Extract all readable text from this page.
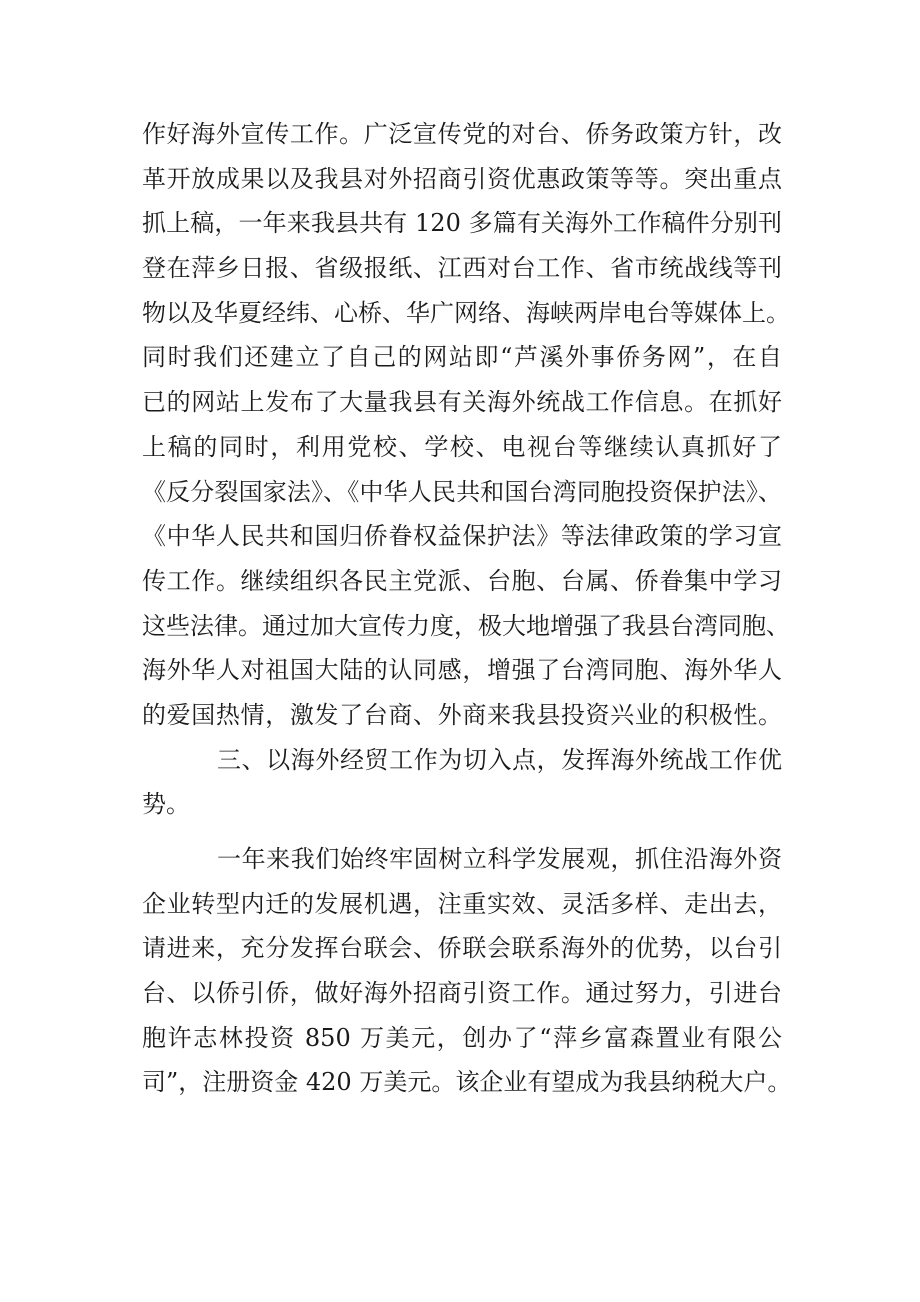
作好海外宣传工作。广泛宣传党的对台、侨务政策方针，改
革开放成果以及我县对外招商引资优惠政策等等。突出重点
抓上稿，一年来我县共有 120 多篇有关海外工作稿件分别刊
登在萍乡日报、省级报纸、江西对台工作、省市统战线等刊
物以及华夏经纬、心桥、华广网络、海峡两岸电台等媒体上。
同时我们还建立了自己的网站即“芦溪外事侨务网”，在自
已的网站上发布了大量我县有关海外统战工作信息。在抓好
上稿的同时，利用党校、学校、电视台等继续认真抓好了
《反分裂国家法》、《中华人民共和国台湾同胞投资保护法》、
《中华人民共和国归侨眷权益保护法》等法律政策的学习宣
传工作。继续组织各民主党派、台胞、台属、侨眷集中学习
这些法律。通过加大宣传力度，极大地增强了我县台湾同胞、
海外华人对祖国大陆的认同感，增强了台湾同胞、海外华人
的爱国热情，激发了台商、外商来我县投资兴业的积极性。
三、以海外经贸工作为切入点，发挥海外统战工作优
势。
一年来我们始终牢固树立科学发展观，抓住沿海外资
企业转型内迁的发展机遇，注重实效、灵活多样、走出去，
请进来，充分发挥台联会、侨联会联系海外的优势，以台引
台、以侨引侨，做好海外招商引资工作。通过努力，引进台
胞许志林投资 850 万美元，创办了“萍乡富森置业有限公
司”，注册资金 420 万美元。该企业有望成为我县纳税大户。
